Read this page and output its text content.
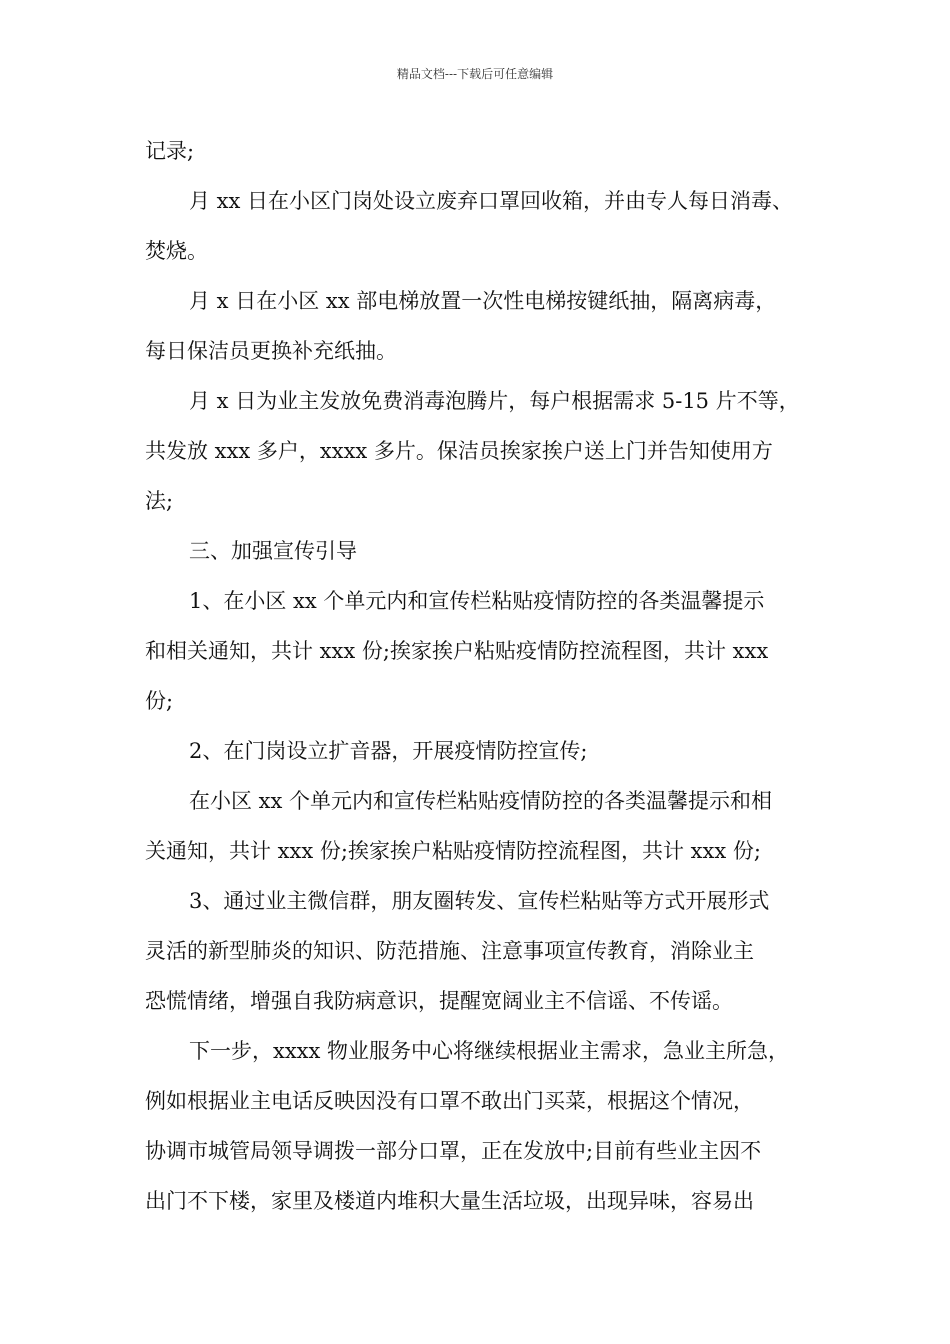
精品文档---下载后可任意编辑
记录;
月 xx 日在小区门岗处设立废弃口罩回收箱，并由专人每日消毒、
焚烧。
月 x 日在小区 xx 部电梯放置一次性电梯按键纸抽，隔离病毒，
每日保洁员更换补充纸抽。
月 x 日为业主发放免费消毒泡腾片，每户根据需求 5-15 片不等，
共发放 xxx 多户，xxxx 多片。保洁员挨家挨户送上门并告知使用方
法;
三、加强宣传引导
1、在小区 xx 个单元内和宣传栏粘贴疫情防控的各类温馨提示
和相关通知，共计 xxx 份;挨家挨户粘贴疫情防控流程图，共计 xxx
份;
2、在门岗设立扩音器，开展疫情防控宣传;
在小区 xx 个单元内和宣传栏粘贴疫情防控的各类温馨提示和相
关通知，共计 xxx 份;挨家挨户粘贴疫情防控流程图，共计 xxx 份;
3、通过业主微信群，朋友圈转发、宣传栏粘贴等方式开展形式
灵活的新型肺炎的知识、防范措施、注意事项宣传教育，消除业主
恐慌情绪，增强自我防病意识，提醒宽阔业主不信谣、不传谣。
下一步，xxxx 物业服务中心将继续根据业主需求，急业主所急，
例如根据业主电话反映因没有口罩不敢出门买菜，根据这个情况，
协调市城管局领导调拨一部分口罩，正在发放中;目前有些业主因不
出门不下楼，家里及楼道内堆积大量生活垃圾，出现异味，容易出
